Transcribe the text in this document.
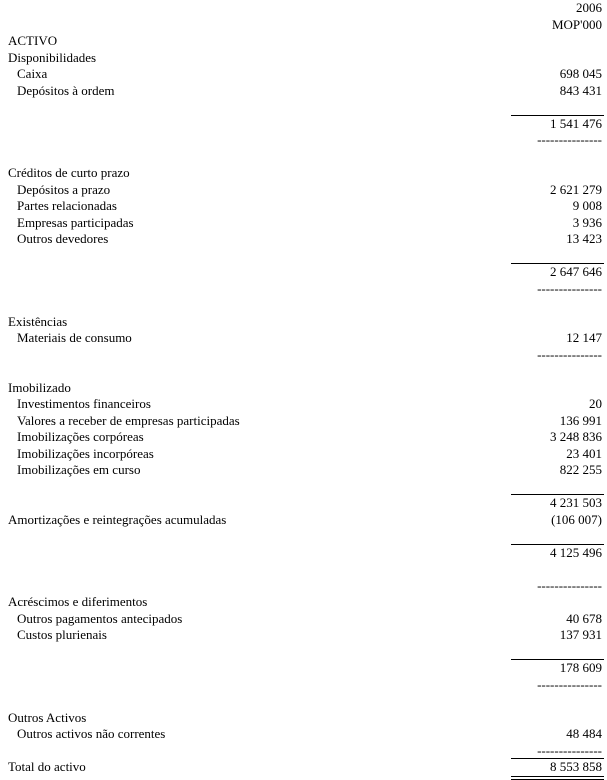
2006
MOP'000
ACTIVO
Disponibilidades
Caixa	698 045
Depósitos à ordem	843 431
1 541 476
---------------
Créditos de curto prazo
Depósitos a prazo	2 621 279
Partes relacionadas	9 008
Empresas participadas	3 936
Outros devedores	13 423
2 647 646
---------------
Existências
Materiais de consumo	12 147
---------------
Imobilizado
Investimentos financeiros	20
Valores a receber de empresas participadas	136 991
Imobilizações corpóreas	3 248 836
Imobilizações incorpóreas	23 401
Imobilizações em curso	822 255
4 231 503
Amortizações e reintegrações acumuladas	(106 007)
4 125 496
---------------
Acréscimos e diferimentos
Outros pagamentos antecipados	40 678
Custos plurienais	137 931
178 609
---------------
Outros Activos
Outros activos não correntes	48 484
---------------
Total do activo	8 553 858
